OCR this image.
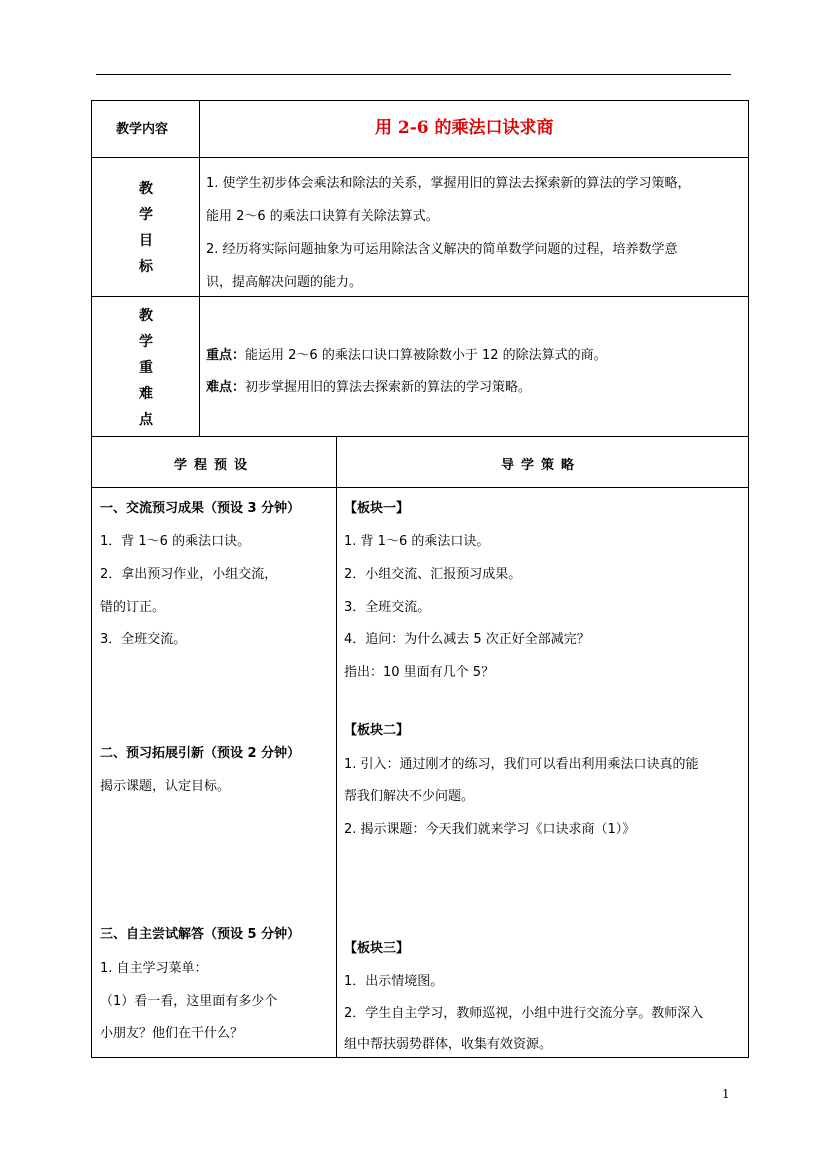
教学内容	用 2-6 的乘法口诀求商
教
学
目
标
1. 使学生初步体会乘法和除法的关系，掌握用旧的算法去探索新的算法的学习策略，
能用 2～6 的乘法口诀算有关除法算式。
2. 经历将实际问题抽象为可运用除法含义解决的简单数学问题的过程，培养数学意
识，提高解决问题的能力。
教
学
重
难
点
重点：能运用 2～6 的乘法口诀口算被除数小于 12 的除法算式的商。
难点：初步掌握用旧的算法去探索新的算法的学习策略。
学程预设	导学策略
一、交流预习成果（预设 3 分钟）
1．背 1～6 的乘法口诀。
2．拿出预习作业，小组交流，
错的订正。
3．全班交流。
二、预习拓展引新（预设 2 分钟）
揭示课题，认定目标。
三、自主尝试解答（预设 5 分钟）
1. 自主学习菜单：
（1）看一看，这里面有多少个
小朋友？他们在干什么？
【板块一】
1. 背 1～6 的乘法口诀。
2．小组交流、汇报预习成果。
3．全班交流。
4．追问：为什么减去 5 次正好全部减完？
指出：10 里面有几个 5？
【板块二】
1. 引入：通过刚才的练习，我们可以看出利用乘法口诀真的能
帮我们解决不少问题。
2. 揭示课题：今天我们就来学习《口诀求商（1）》
【板块三】
1．出示情境图。
2．学生自主学习，教师巡视，小组中进行交流分享。教师深入
组中帮扶弱势群体，收集有效资源。
1
